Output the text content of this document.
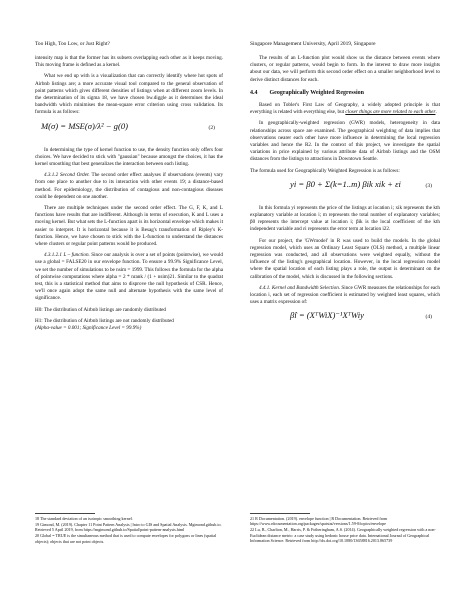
Too High, Too Low, or Just Right?	Singapore Management University, April 2019, Singapore

intensity map is that the former has its subsets overlapping each other as it keeps moving. This moving frame is defined as a kernel.

What we end up with is a visualization that can correctly identify where hot spots of Airbnb listings are; a more accurate visual tool compared to the general observation of point patterns which gives different densities of listings when at different zoom levels. In the determination of its sigma 18, we have chosen bw.diggle as it determines the ideal bandwidth which minimises the mean-square error criterion using cross validation. Its formula is as follows:

M(σ) = MSE(σ)/λ² − g(0)	(2)

In determining the type of kernel function to use, the density function only offers four choices. We have decided to stick with "gaussian" because amongst the choices, it has the kernel smoothing that best generalizes the interaction between each listing.

4.3.1.2 Second Order. The second order effect analyses if observations (events) vary from one place to another due to its interaction with other events 19; a distance-based method. For epidemiology, the distribution of contagious and non-contagious diseases could be dependent on one another.

There are multiple techniques under the second order effect. The G, F, K, and L functions have results that are indifferent. Although in terms of execution, K and L uses a moving kernel. But what sets the L-function apart is its horizontal envelope which makes it easier to interpret. It is horizontal because it is Besag's transformation of Ripley's K-function. Hence, we have chosen to stick with the L-function to understand the distances where clusters or regular point patterns would be produced.

4.3.1.2.1 L – function. Since our analysis is over a set of points (pointwise), we would use a global = FALSE20 in our envelope function. To ensure a 99.9% Significance Level, we set the number of simulations to be nsim = 1999. This follows the formula for the alpha of pointwise computations where alpha = 2 * nrank / (1 + nsim)21. Similar to the quadrat test, this is a statistical method that aims to disprove the null hypothesis of CSR. Hence, we'll once again adopt the same null and alternate hypothesis with the same level of significance.

H0: The distribution of Airbnb listings are randomly distributed

H1: The distribution of Airbnb listings are not randomly distributed

(Alpha-value = 0.001; Significance Level = 99.9%)

18 The standard deviation of an isotropic smoothing kernel.
19 Gimond, M. (2019). Chapter 11 Point Pattern Analysis | Intro to GIS and Spatial Analysis. Mgimond.github.io. Retrieved 5 April 2019, from https://mgimond.github.io/Spatial/point-pattern-analysis.html
20 Global = TRUE is the simultaneous method that is used to compute envelopes for polygons or lines (spatial objects); objects that are not point objects.

The results of an L-function plot would show us the distance between events where clusters, or regular patterns, would begin to form. In the interest to draw more insights about our data, we will perform this second order effect on a smaller neighborhood level to derive distinct distances for each.

4.4 Geographically Weighted Regression

Based on Tobler's First Law of Geography, a widely adopted principle is that everything is related with everything else, but closer things are more related to each other.

In geographically-weighted regression (GWR) models, heterogeneity in data relationships across space are examined. The geographical weighting of data implies that observations nearer each other have more influence in determining the local regression variables and hence the R2. In the context of this project, we investigate the spatial variations in price explained by various attribute data of Airbnb listings and the OSM distances from the listings to attractions in Downtown Seattle.

The formula used for Geographically Weighted Regression is as follows:

yi = β0 + Σ(k=1..m) βik xik + εi	(3)

In this formula yi represents the price of the listings at location i; xik represents the kth explanatory variable at location i; m represents the total number of explanatory variables; β0 represents the intercept value at location i; βik is the local coefficient of the kth independent variable and εi represents the error term at location i22.

For our project, the 'GWmodel' in R was used to build the models. In the global regression model, which uses an Ordinary Least Square (OLS) method, a multiple linear regression was conducted, and all observations were weighted equally, without the influence of the listing's geographical location. However, in the local regression model where the spatial location of each listing plays a role, the output is determinant on the calibration of the model, which is discussed in the following sections.

4.4.1. Kernel and Bandwidth Selection. Since GWR measures the relationships for each location i, each set of regression coefficient is estimated by weighted least squares, which uses a matrix expression of:

β̂i = (XᵀWiX)⁻¹XᵀWiy	(4)
21 R Documentation. (2019). envelope function | R Documentation. Retrieved from https://www.rdocumentation.org/packages/spatstat/versions/1.59-0/topics/envelope
22 Lu, B., Charlton, M., Harris, P. & Fotheringham, A.S. (2014). Geographically weighted regression with a non-Euclidean distance metric: a case study using hedonic house price data. International Journal of Geographical Information Science. Retrieved from http://dx.doi.org/10.1080/13658816.2013.865739
